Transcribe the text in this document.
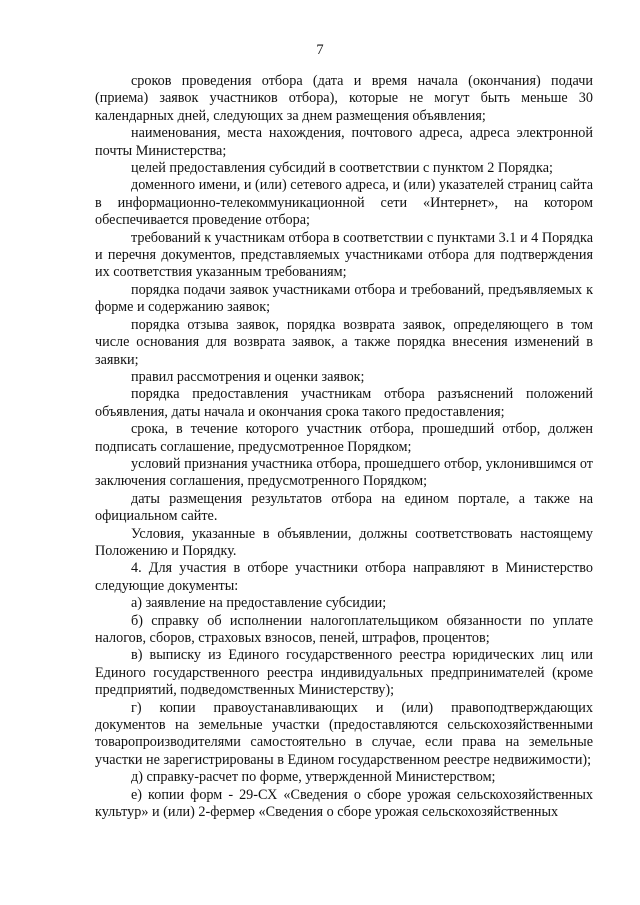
7

сроков проведения отбора (дата и время начала (окончания) подачи (приема) заявок участников отбора), которые не могут быть меньше 30 календарных дней, следующих за днем размещения объявления;

наименования, места нахождения, почтового адреса, адреса электронной почты Министерства;

целей предоставления субсидий в соответствии с пунктом 2 Порядка;

доменного имени, и (или) сетевого адреса, и (или) указателей страниц сайта в информационно-телекоммуникационной сети «Интернет», на котором обеспечивается проведение отбора;

требований к участникам отбора в соответствии с пунктами 3.1 и 4 Порядка и перечня документов, представляемых участниками отбора для подтверждения их соответствия указанным требованиям;

порядка подачи заявок участниками отбора и требований, предъявляемых к форме и содержанию заявок;

порядка отзыва заявок, порядка возврата заявок, определяющего в том числе основания для возврата заявок, а также порядка внесения изменений в заявки;

правил рассмотрения и оценки заявок;

порядка предоставления участникам отбора разъяснений положений объявления, даты начала и окончания срока такого предоставления;

срока, в течение которого участник отбора, прошедший отбор, должен подписать соглашение, предусмотренное Порядком;

условий признания участника отбора, прошедшего отбор, уклонившимся от заключения соглашения, предусмотренного Порядком;

даты размещения результатов отбора на едином портале, а также на официальном сайте.

Условия, указанные в объявлении, должны соответствовать настоящему Положению и Порядку.

4. Для участия в отборе участники отбора направляют в Министерство следующие документы:

а) заявление на предоставление субсидии;

б) справку об исполнении налогоплательщиком обязанности по уплате налогов, сборов, страховых взносов, пеней, штрафов, процентов;

в) выписку из Единого государственного реестра юридических лиц или Единого государственного реестра индивидуальных предпринимателей (кроме предприятий, подведомственных Министерству);

г) копии правоустанавливающих и (или) правоподтверждающих документов на земельные участки (предоставляются сельскохозяйственными товаропроизводителями самостоятельно в случае, если права на земельные участки не зарегистрированы в Едином государственном реестре недвижимости);

д) справку-расчет по форме, утвержденной Министерством;

е) копии форм - 29-СХ «Сведения о сборе урожая сельскохозяйственных культур» и (или) 2-фермер «Сведения о сборе урожая сельскохозяйственных
